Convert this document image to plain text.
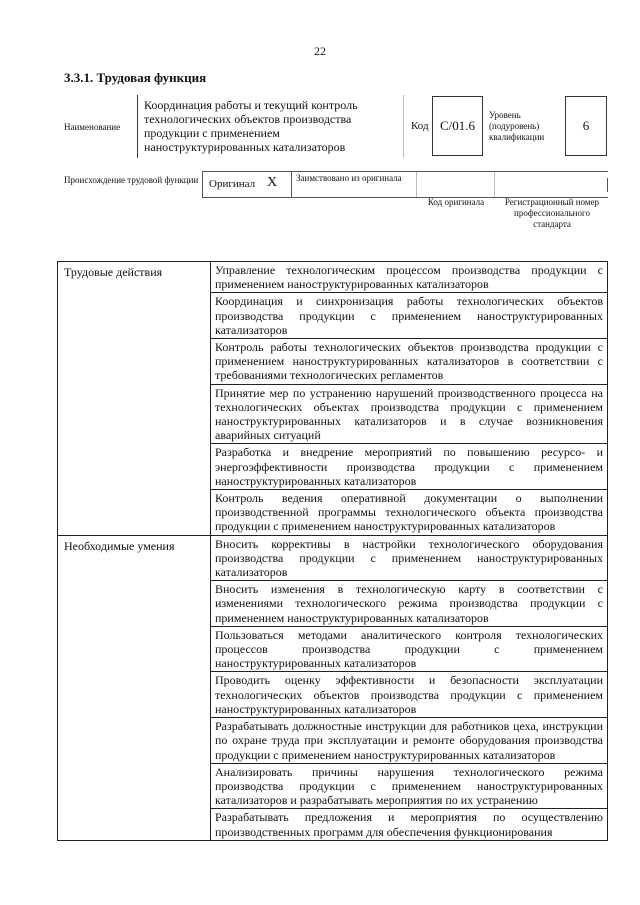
22
3.3.1. Трудовая функция
Наименование
Координация работы и текущий контроль технологических объектов производства продукции с применением наноструктурированных катализаторов
Код С/01.6
Уровень (подуровень) квалификации
6
Происхождение трудовой функции Оригинал Х Заимствовано из оригинала
Код оригинала	Регистрационный номер профессионального стандарта
Трудовые действия	Управление технологическим процессом производства продукции с применением наноструктурированных катализаторов
	Координация и синхронизация работы технологических объектов производства продукции с применением наноструктурированных катализаторов
	Контроль работы технологических объектов производства продукции с применением наноструктурированных катализаторов в соответствии с требованиями технологических регламентов
	Принятие мер по устранению нарушений производственного процесса на технологических объектах производства продукции с применением наноструктурированных катализаторов и в случае возникновения аварийных ситуаций
	Разработка и внедрение мероприятий по повышению ресурсо- и энергоэффективности производства продукции с применением наноструктурированных катализаторов
	Контроль ведения оперативной документации о выполнении производственной программы технологического объекта производства продукции с применением наноструктурированных катализаторов
Необходимые умения	Вносить коррективы в настройки технологического оборудования производства продукции с применением наноструктурированных катализаторов
	Вносить изменения в технологическую карту в соответствии с изменениями технологического режима производства продукции с применением наноструктурированных катализаторов
	Пользоваться методами аналитического контроля технологических процессов производства продукции с применением наноструктурированных катализаторов
	Проводить оценку эффективности и безопасности эксплуатации технологических объектов производства продукции с применением наноструктурированных катализаторов
	Разрабатывать должностные инструкции для работников цеха, инструкции по охране труда при эксплуатации и ремонте оборудования производства продукции с применением наноструктурированных катализаторов
	Анализировать причины нарушения технологического режима производства продукции с применением наноструктурированных катализаторов и разрабатывать мероприятия по их устранению
	Разрабатывать предложения и мероприятия по осуществлению производственных программ для обеспечения функционирования
